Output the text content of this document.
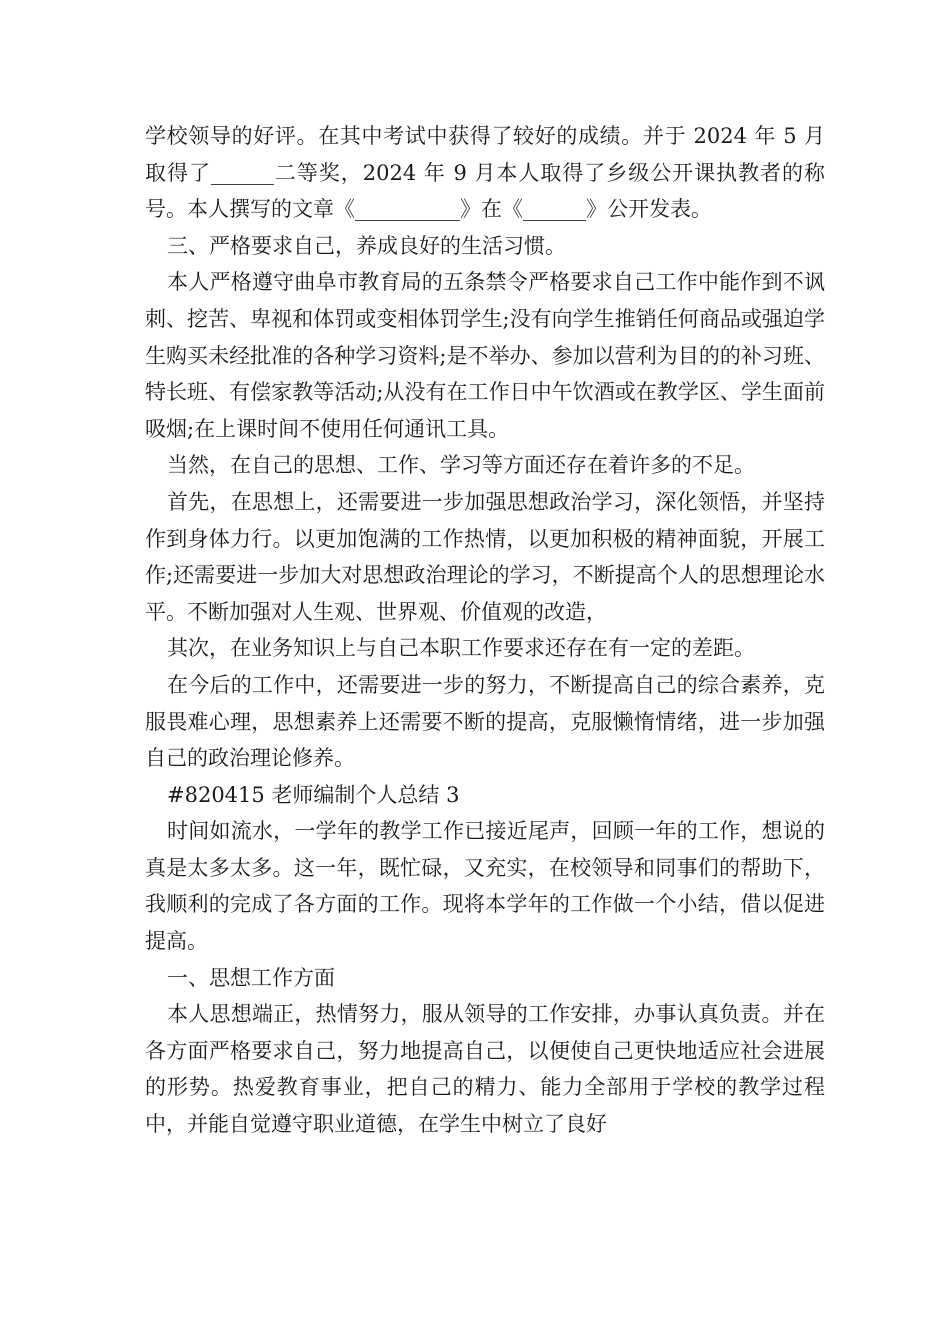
学校领导的好评。在其中考试中获得了较好的成绩。并于 2024 年 5 月取得了______二等奖，2024 年 9 月本人取得了乡级公开课执教者的称号。本人撰写的文章《__________》在《______》公开发表。

三、严格要求自己，养成良好的生活习惯。

本人严格遵守曲阜市教育局的五条禁令严格要求自己工作中能作到不讽刺、挖苦、卑视和体罚或变相体罚学生;没有向学生推销任何商品或强迫学生购买未经批准的各种学习资料;是不举办、参加以营利为目的的补习班、特长班、有偿家教等活动;从没有在工作日中午饮酒或在教学区、学生面前吸烟;在上课时间不使用任何通讯工具。

当然，在自己的思想、工作、学习等方面还存在着许多的不足。

首先，在思想上，还需要进一步加强思想政治学习，深化领悟，并坚持作到身体力行。以更加饱满的工作热情，以更加积极的精神面貌，开展工作;还需要进一步加大对思想政治理论的学习，不断提高个人的思想理论水平。不断加强对人生观、世界观、价值观的改造，

其次，在业务知识上与自己本职工作要求还存在有一定的差距。

在今后的工作中，还需要进一步的努力，不断提高自己的综合素养，克服畏难心理，思想素养上还需要不断的提高，克服懒惰情绪，进一步加强自己的政治理论修养。

#820415 老师编制个人总结 3

时间如流水，一学年的教学工作已接近尾声，回顾一年的工作，想说的真是太多太多。这一年，既忙碌，又充实，在校领导和同事们的帮助下，我顺利的完成了各方面的工作。现将本学年的工作做一个小结，借以促进提高。

一、思想工作方面

本人思想端正，热情努力，服从领导的工作安排，办事认真负责。并在各方面严格要求自己，努力地提高自己，以便使自己更快地适应社会进展的形势。热爱教育事业，把自己的精力、能力全部用于学校的教学过程中，并能自觉遵守职业道德，在学生中树立了良好
